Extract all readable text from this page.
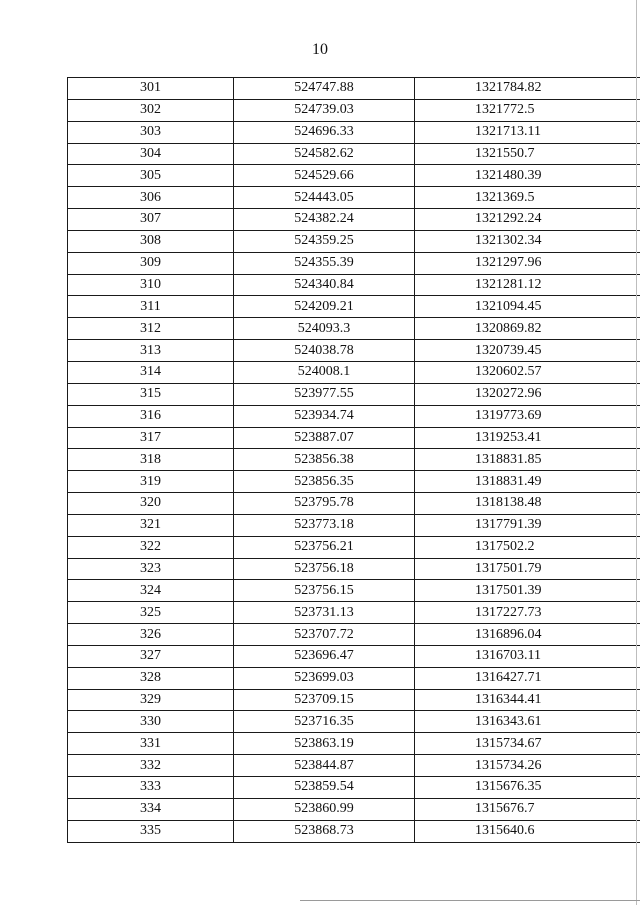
10
301	524747.88	1321784.82
302	524739.03	1321772.5
303	524696.33	1321713.11
304	524582.62	1321550.7
305	524529.66	1321480.39
306	524443.05	1321369.5
307	524382.24	1321292.24
308	524359.25	1321302.34
309	524355.39	1321297.96
310	524340.84	1321281.12
311	524209.21	1321094.45
312	524093.3	1320869.82
313	524038.78	1320739.45
314	524008.1	1320602.57
315	523977.55	1320272.96
316	523934.74	1319773.69
317	523887.07	1319253.41
318	523856.38	1318831.85
319	523856.35	1318831.49
320	523795.78	1318138.48
321	523773.18	1317791.39
322	523756.21	1317502.2
323	523756.18	1317501.79
324	523756.15	1317501.39
325	523731.13	1317227.73
326	523707.72	1316896.04
327	523696.47	1316703.11
328	523699.03	1316427.71
329	523709.15	1316344.41
330	523716.35	1316343.61
331	523863.19	1315734.67
332	523844.87	1315734.26
333	523859.54	1315676.35
334	523860.99	1315676.7
335	523868.73	1315640.6
